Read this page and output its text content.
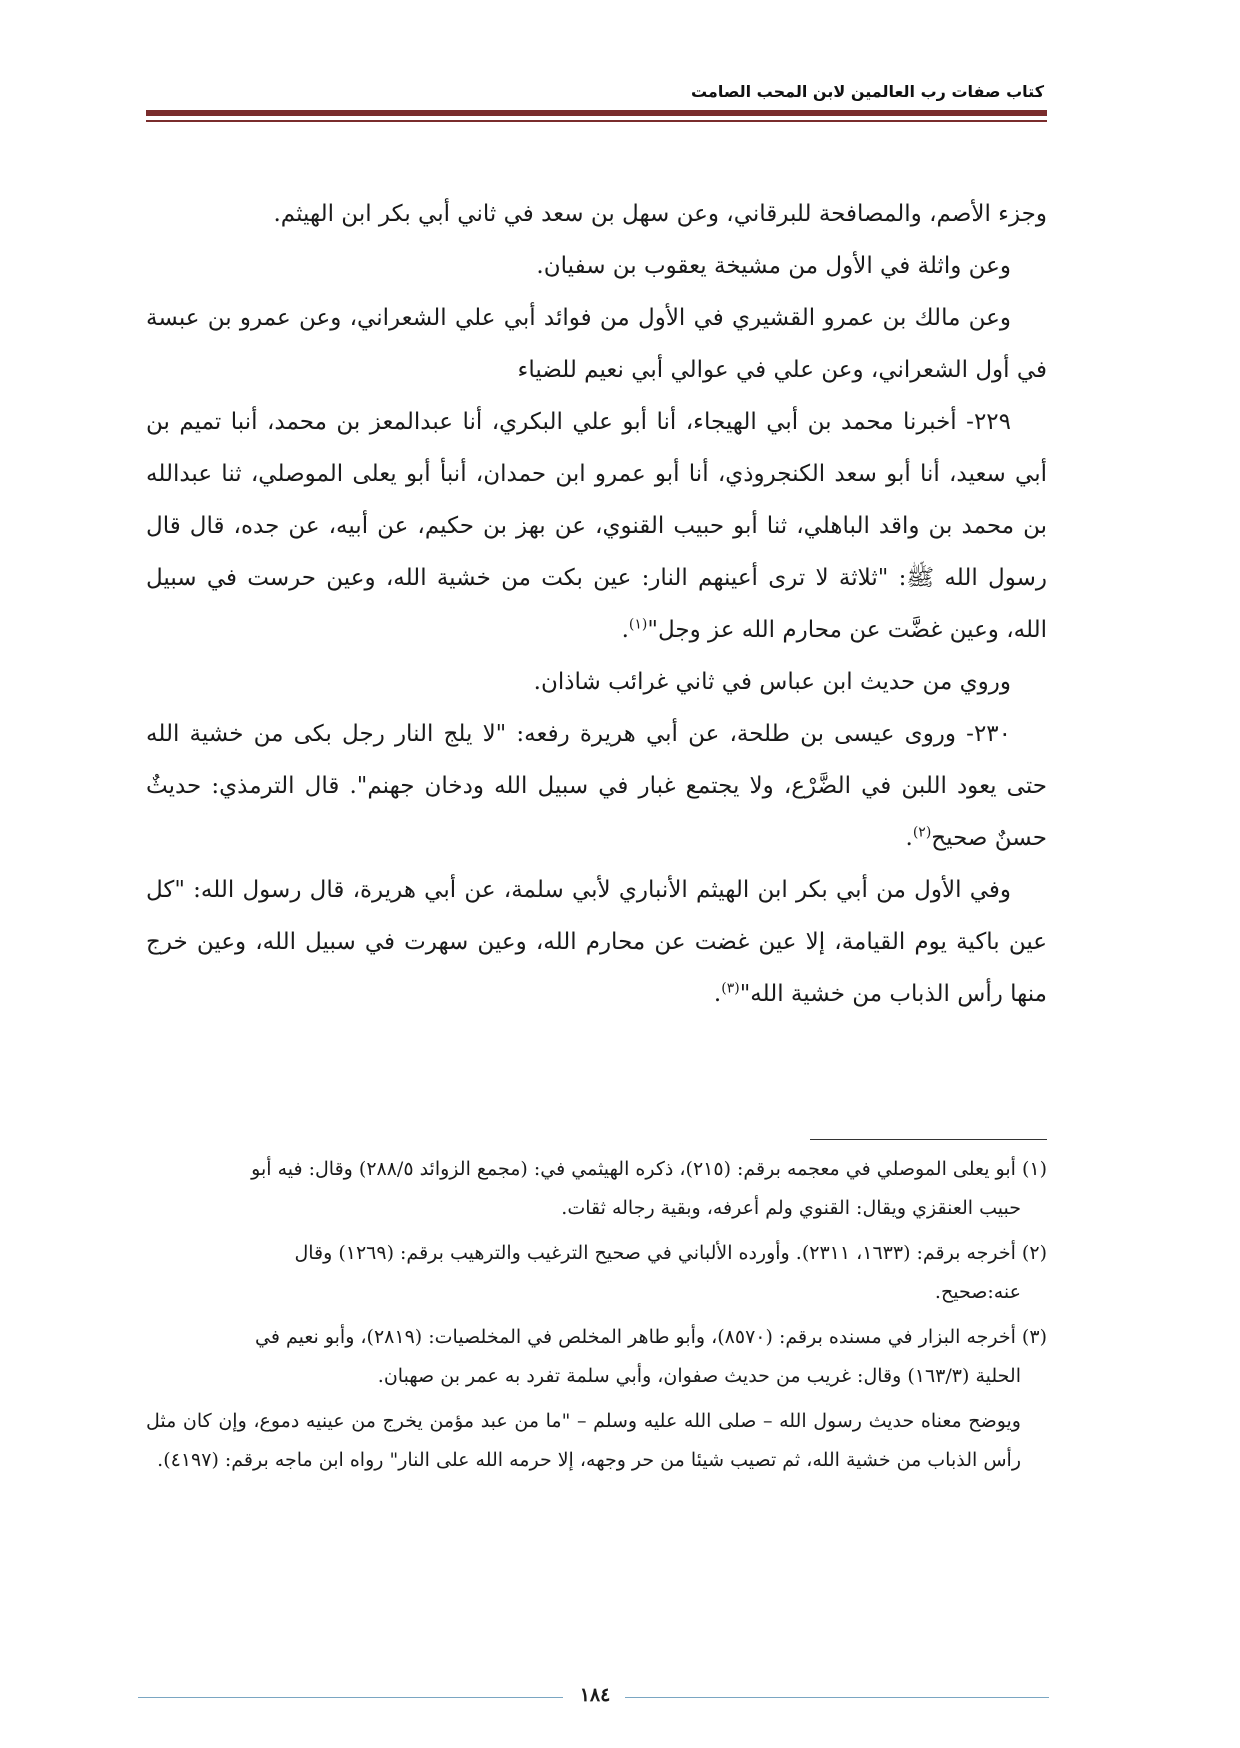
كتاب صفات رب العالمين لابن المحب الصامت

وجزء الأصم، والمصافحة للبرقاني، وعن سهل بن سعد في ثاني أبي بكر ابن الهيثم.

وعن واثلة في الأول من مشيخة يعقوب بن سفيان.

وعن مالك بن عمرو القشيري في الأول من فوائد أبي علي الشعراني، وعن عمرو بن عبسة في أول الشعراني، وعن علي في عوالي أبي نعيم للضياء

٢٢٩- أخبرنا محمد بن أبي الهيجاء، أنا أبو علي البكري، أنا عبدالمعز بن محمد، أنبا تميم بن أبي سعيد، أنا أبو سعد الكنجروذي، أنا أبو عمرو ابن حمدان، أنبأ أبو يعلى الموصلي، ثنا عبدالله بن محمد بن واقد الباهلي، ثنا أبو حبيب القنوي، عن بهز بن حكيم، عن أبيه، عن جده، قال قال رسول الله ﷺ: "ثلاثة لا ترى أعينهم النار: عين بكت من خشية الله، وعين حرست في سبيل الله، وعين غضَّت عن محارم الله عز وجل"$^{(١)}$.

وروي من حديث ابن عباس في ثاني غرائب شاذان.

٢٣٠- وروى عيسى بن طلحة، عن أبي هريرة رفعه: "لا يلج النار رجل بكى من خشية الله حتى يعود اللبن في الضَّرْع، ولا يجتمع غبار في سبيل الله ودخان جهنم". قال الترمذي: حديثٌ حسنٌ صحيح$^{(٢)}$.

وفي الأول من أبي بكر ابن الهيثم الأنباري لأبي سلمة، عن أبي هريرة، قال رسول الله: "كل عين باكية يوم القيامة، إلا عين غضت عن محارم الله، وعين سهرت في سبيل الله، وعين خرج منها رأس الذباب من خشية الله"$^{(٣)}$.

(١) أبو يعلى الموصلي في معجمه برقم: (٢١٥)، ذكره الهيثمي في: (مجمع الزوائد ٢٨٨/٥) وقال: فيه أبو
حبيب العنقزي ويقال: القنوي ولم أعرفه، وبقية رجاله ثقات.

(٢) أخرجه برقم: (١٦٣٣، ٢٣١١). وأورده الألباني في صحيح الترغيب والترهيب برقم: (١٢٦٩) وقال
عنه:صحيح.

(٣) أخرجه البزار في مسنده برقم: (٨٥٧٠)، وأبو طاهر المخلص في المخلصيات: (٢٨١٩)، وأبو نعيم في
الحلية (١٦٣/٣) وقال: غريب من حديث صفوان، وأبي سلمة تفرد به عمر بن صهبان.

ويوضح معناه حديث رسول الله – صلى الله عليه وسلم – "ما من عبد مؤمن يخرج من عينيه دموع، وإن كان مثل رأس الذباب من خشية الله، ثم تصيب شيئا من حر وجهه، إلا حرمه الله على النار" رواه ابن ماجه برقم: (٤١٩٧).

١٨٤
